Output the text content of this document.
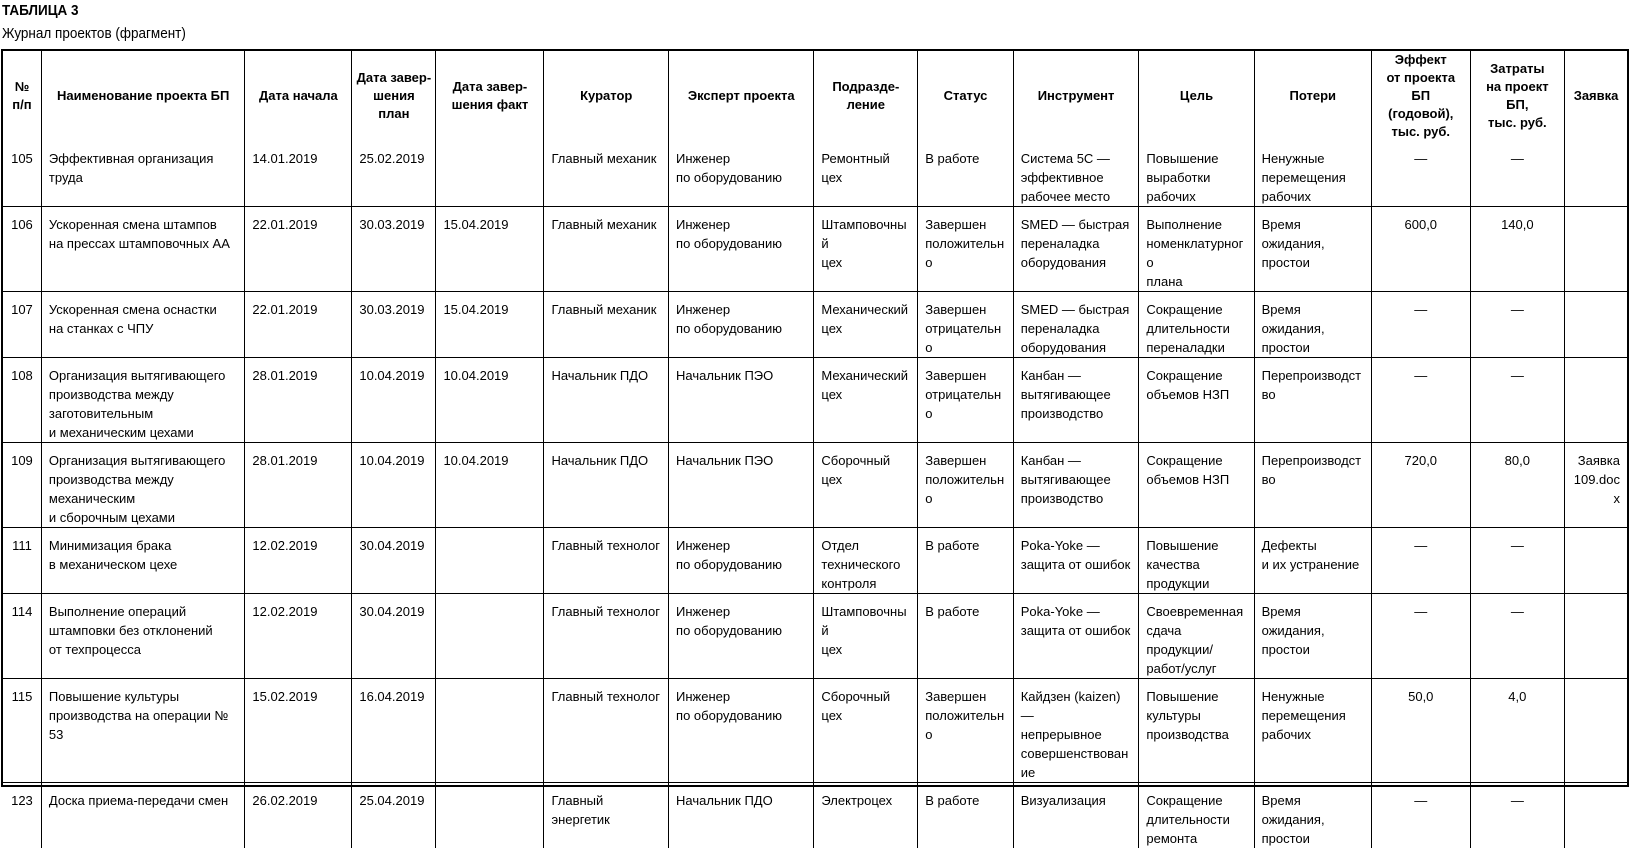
ТАБЛИЦА 3
Журнал проектов (фрагмент)
№
п/п	Наименование проекта БП	Дата начала	Дата завер-
шения план	Дата завер-
шения факт	Куратор	Эксперт проекта	Подразде-
ление	Статус	Инструмент	Цель	Потери	Эффект
от проекта БП
(годовой),
тыс. руб.	Затраты
на проект БП,
тыс. руб.	Заявка
105	Эффективная организация труда	14.01.2019	25.02.2019		Главный механик	Инженер
по оборудованию	Ремонтный
цех	В работе	Система 5С —
эффективное
рабочее место	Повышение
выработки
рабочих	Ненужные
перемещения
рабочих	—	—	
106	Ускоренная смена штампов
на прессах штамповочных АА	22.01.2019	30.03.2019	15.04.2019	Главный механик	Инженер
по оборудованию	Штамповочный
цех	Завершен
положительно	SMED — быстрая
переналадка
оборудования	Выполнение
номенклатурного
плана	Время ожидания,
простои	600,0	140,0	
107	Ускоренная смена оснастки
на станках с ЧПУ	22.01.2019	30.03.2019	15.04.2019	Главный механик	Инженер
по оборудованию	Механический
цех	Завершен
отрицательно	SMED — быстрая
переналадка
оборудования	Сокращение
длительности
переналадки	Время ожидания,
простои	—	—	
108	Организация вытягивающего
производства между
заготовительным
и механическим цехами	28.01.2019	10.04.2019	10.04.2019	Начальник ПДО	Начальник ПЭО	Механический
цех	Завершен
отрицательно	Канбан —
вытягивающее
производство	Сокращение
объемов НЗП	Перепроизводство	—	—	
109	Организация вытягивающего
производства между
механическим
и сборочным цехами	28.01.2019	10.04.2019	10.04.2019	Начальник ПДО	Начальник ПЭО	Сборочный
цех	Завершен
положительно	Канбан —
вытягивающее
производство	Сокращение
объемов НЗП	Перепроизводство	720,0	80,0	Заявка
109.docx
111	Минимизация брака
в механическом цехе	12.02.2019	30.04.2019		Главный технолог	Инженер
по оборудованию	Отдел
технического
контроля	В работе	Poka-Yoke —
защита от ошибок	Повышение
качества
продукции	Дефекты
и их устранение	—	—	
114	Выполнение операций
штамповки без отклонений
от техпроцесса	12.02.2019	30.04.2019		Главный технолог	Инженер
по оборудованию	Штамповочный
цех	В работе	Poka-Yoke —
защита от ошибок	Своевременная
сдача продукции/
работ/услуг	Время ожидания,
простои	—	—	
115	Повышение культуры
производства на операции № 53	15.02.2019	16.04.2019		Главный технолог	Инженер
по оборудованию	Сборочный цех	Завершен
положительно	Кайдзен (kaizen) —
непрерывное
совершенствование	Повышение
культуры
производства	Ненужные
перемещения
рабочих	50,0	4,0	
123	Доска приема-передачи смен	26.02.2019	25.04.2019		Главный
энергетик	Начальник ПДО	Электроцех	В работе	Визуализация	Сокращение
длительности
ремонта	Время ожидания,
простои	—	—	
